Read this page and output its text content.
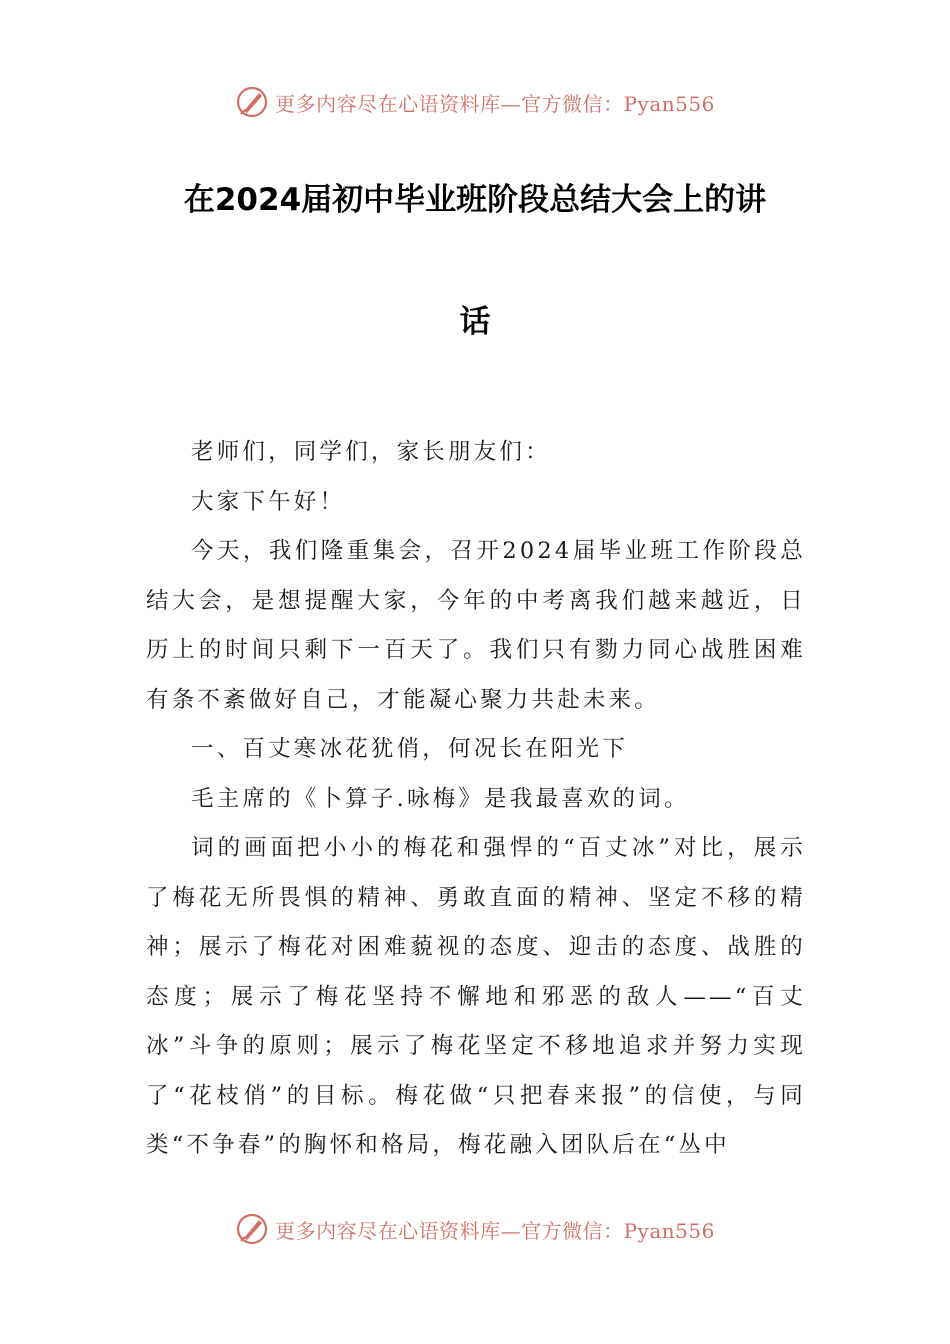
更多内容尽在心语资料库—官方微信：Pyan556
在2024届初中毕业班阶段总结大会上的讲
话

老师们，同学们，家长朋友们：

大家下午好！

今天，我们隆重集会，召开2024届毕业班工作阶段总结大会，是想提醒大家，今年的中考离我们越来越近，日历上的时间只剩下一百天了。我们只有勠力同心战胜困难有条不紊做好自己，才能凝心聚力共赴未来。

一、百丈寒冰花犹俏，何况长在阳光下

毛主席的《卜算子.咏梅》是我最喜欢的词。

词的画面把小小的梅花和强悍的“百丈冰”对比，展示了梅花无所畏惧的精神、勇敢直面的精神、坚定不移的精神；展示了梅花对困难藐视的态度、迎击的态度、战胜的态度；展示了梅花坚持不懈地和邪恶的敌人——“百丈冰”斗争的原则；展示了梅花坚定不移地追求并努力实现了“花枝俏”的目标。梅花做“只把春来报”的信使，与同类“不争春”的胸怀和格局，梅花融入团队后在“丛中

更多内容尽在心语资料库—官方微信：Pyan556
